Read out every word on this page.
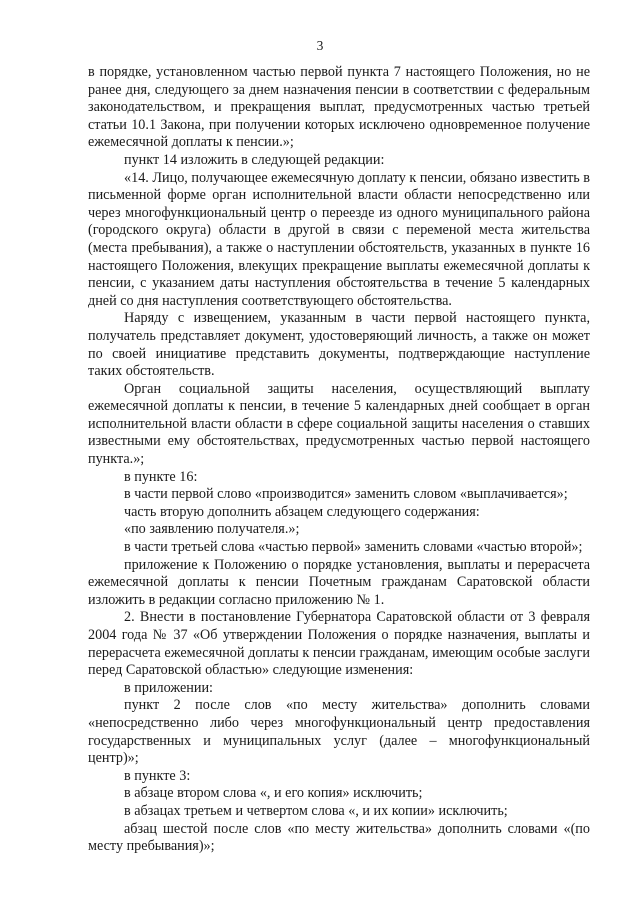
3

в порядке, установленном частью первой пункта 7 настоящего Положения, но не ранее дня, следующего за днем назначения пенсии в соответствии с федеральным законодательством, и прекращения выплат, предусмотренных частью третьей статьи 10.1 Закона, при получении которых исключено одновременное получение ежемесячной доплаты к пенсии.»;

пункт 14 изложить в следующей редакции:

«14. Лицо, получающее ежемесячную доплату к пенсии, обязано известить в письменной форме орган исполнительной власти области непосредственно или через многофункциональный центр о переезде из одного муниципального района (городского округа) области в другой в связи с переменой места жительства (места пребывания), а также о наступлении обстоятельств, указанных в пункте 16 настоящего Положения, влекущих прекращение выплаты ежемесячной доплаты к пенсии, с указанием даты наступления обстоятельства в течение 5 календарных дней со дня наступления соответствующего обстоятельства.

Наряду с извещением, указанным в части первой настоящего пункта, получатель представляет документ, удостоверяющий личность, а также он может по своей инициативе представить документы, подтверждающие наступление таких обстоятельств.

Орган социальной защиты населения, осуществляющий выплату ежемесячной доплаты к пенсии, в течение 5 календарных дней сообщает в орган исполнительной власти области в сфере социальной защиты населения о ставших известными ему обстоятельствах, предусмотренных частью первой настоящего пункта.»;

в пункте 16:

в части первой слово «производится» заменить словом «выплачивается»;

часть вторую дополнить абзацем следующего содержания:

«по заявлению получателя.»;

в части третьей слова «частью первой» заменить словами «частью второй»;

приложение к Положению о порядке установления, выплаты и перерасчета ежемесячной доплаты к пенсии Почетным гражданам Саратовской области изложить в редакции согласно приложению № 1.

2. Внести в постановление Губернатора Саратовской области от 3 февраля 2004 года № 37 «Об утверждении Положения о порядке назначения, выплаты и перерасчета ежемесячной доплаты к пенсии гражданам, имеющим особые заслуги перед Саратовской областью» следующие изменения:

в приложении:

пункт 2 после слов «по месту жительства» дополнить словами «непосредственно либо через многофункциональный центр предоставления государственных и муниципальных услуг (далее – многофункциональный центр)»;

в пункте 3:

в абзаце втором слова «, и его копия» исключить;

в абзацах третьем и четвертом слова «, и их копии» исключить;

абзац шестой после слов «по месту жительства» дополнить словами «(по месту пребывания)»;
